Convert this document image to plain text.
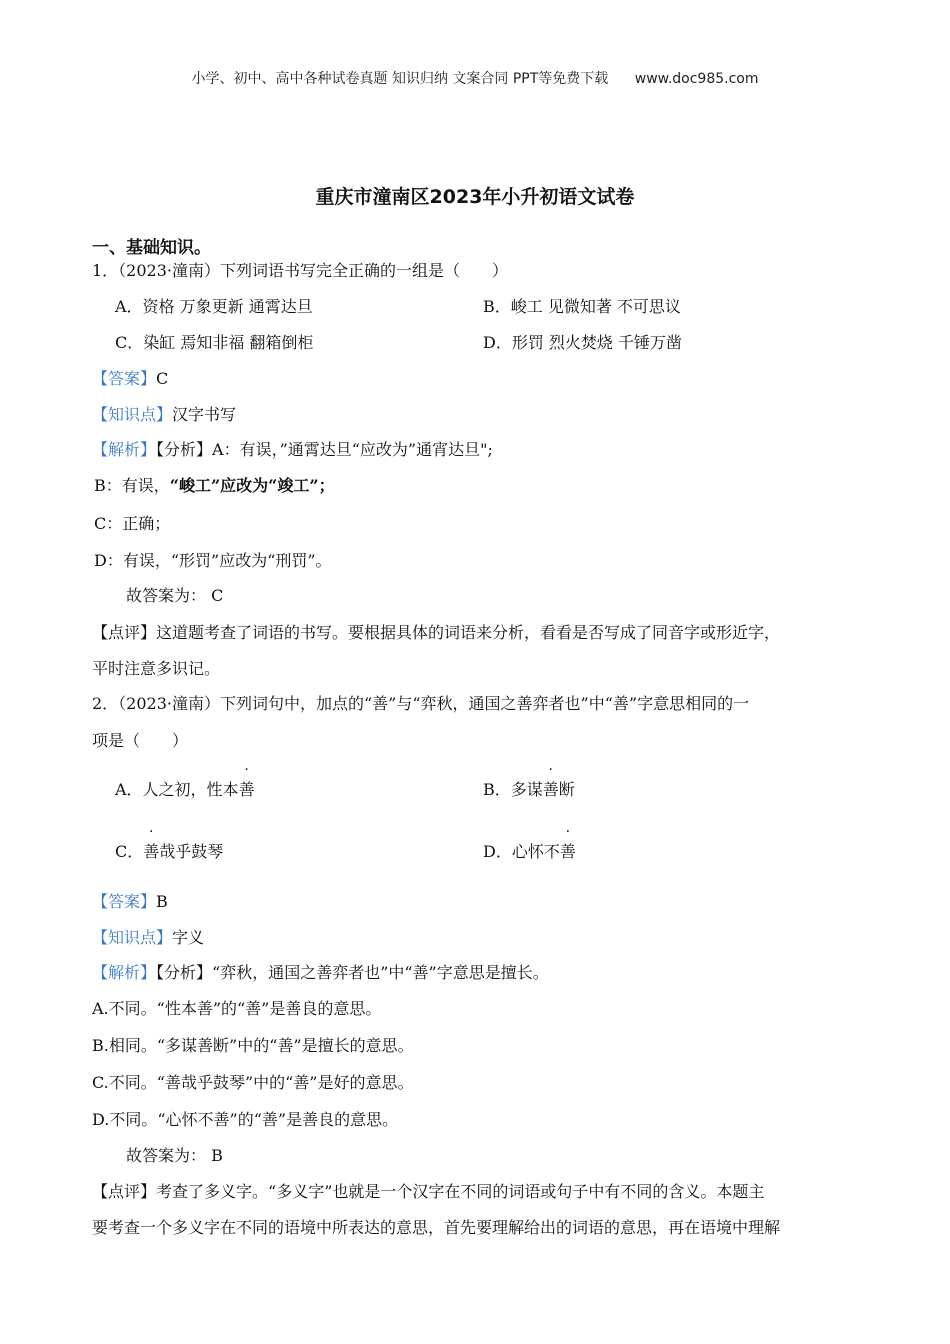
小学、初中、高中各种试卷真题 知识归纳 文案合同 PPT等免费下载 www.doc985.com
重庆市潼南区2023年小升初语文试卷
一、基础知识。
1．（2023·潼南）下列词语书写完全正确的一组是（　　）
A．资格 万象更新 通霄达旦	B．峻工 见微知著 不可思议
C．染缸 焉知非福 翻箱倒柜	D．形罚 烈火焚烧 千锤万凿
【答案】C
【知识点】汉字书写
【解析】【分析】A：有误，”通霄达旦“应改为”通宵达旦";
B：有误，“峻工”应改为“竣工”；
C：正确；
D：有误，“形罚”应改为“刑罚”。
故答案为： C
【点评】这道题考查了词语的书写。要根据具体的词语来分析，看看是否写成了同音字或形近字，
平时注意多识记。
2．（2023·潼南）下列词句中，加点的“善”与“弈秋，通国之善弈者也”中“善”字意思相同的一
项是（　　）
A．人之初，性本善	B．多谋善断
C．善哉乎鼓琴	D．心怀不善
【答案】B
【知识点】字义
【解析】【分析】“弈秋，通国之善弈者也”中“善”字意思是擅长。
A.不同。“性本善”的“善”是善良的意思。
B.相同。“多谋善断”中的“善”是擅长的意思。
C.不同。“善哉乎鼓琴”中的“善”是好的意思。
D.不同。“心怀不善”的“善”是善良的意思。
故答案为： B
【点评】考查了多义字。“多义字”也就是一个汉字在不同的词语或句子中有不同的含义。本题主
要考查一个多义字在不同的语境中所表达的意思，首先要理解给出的词语的意思，再在语境中理解
